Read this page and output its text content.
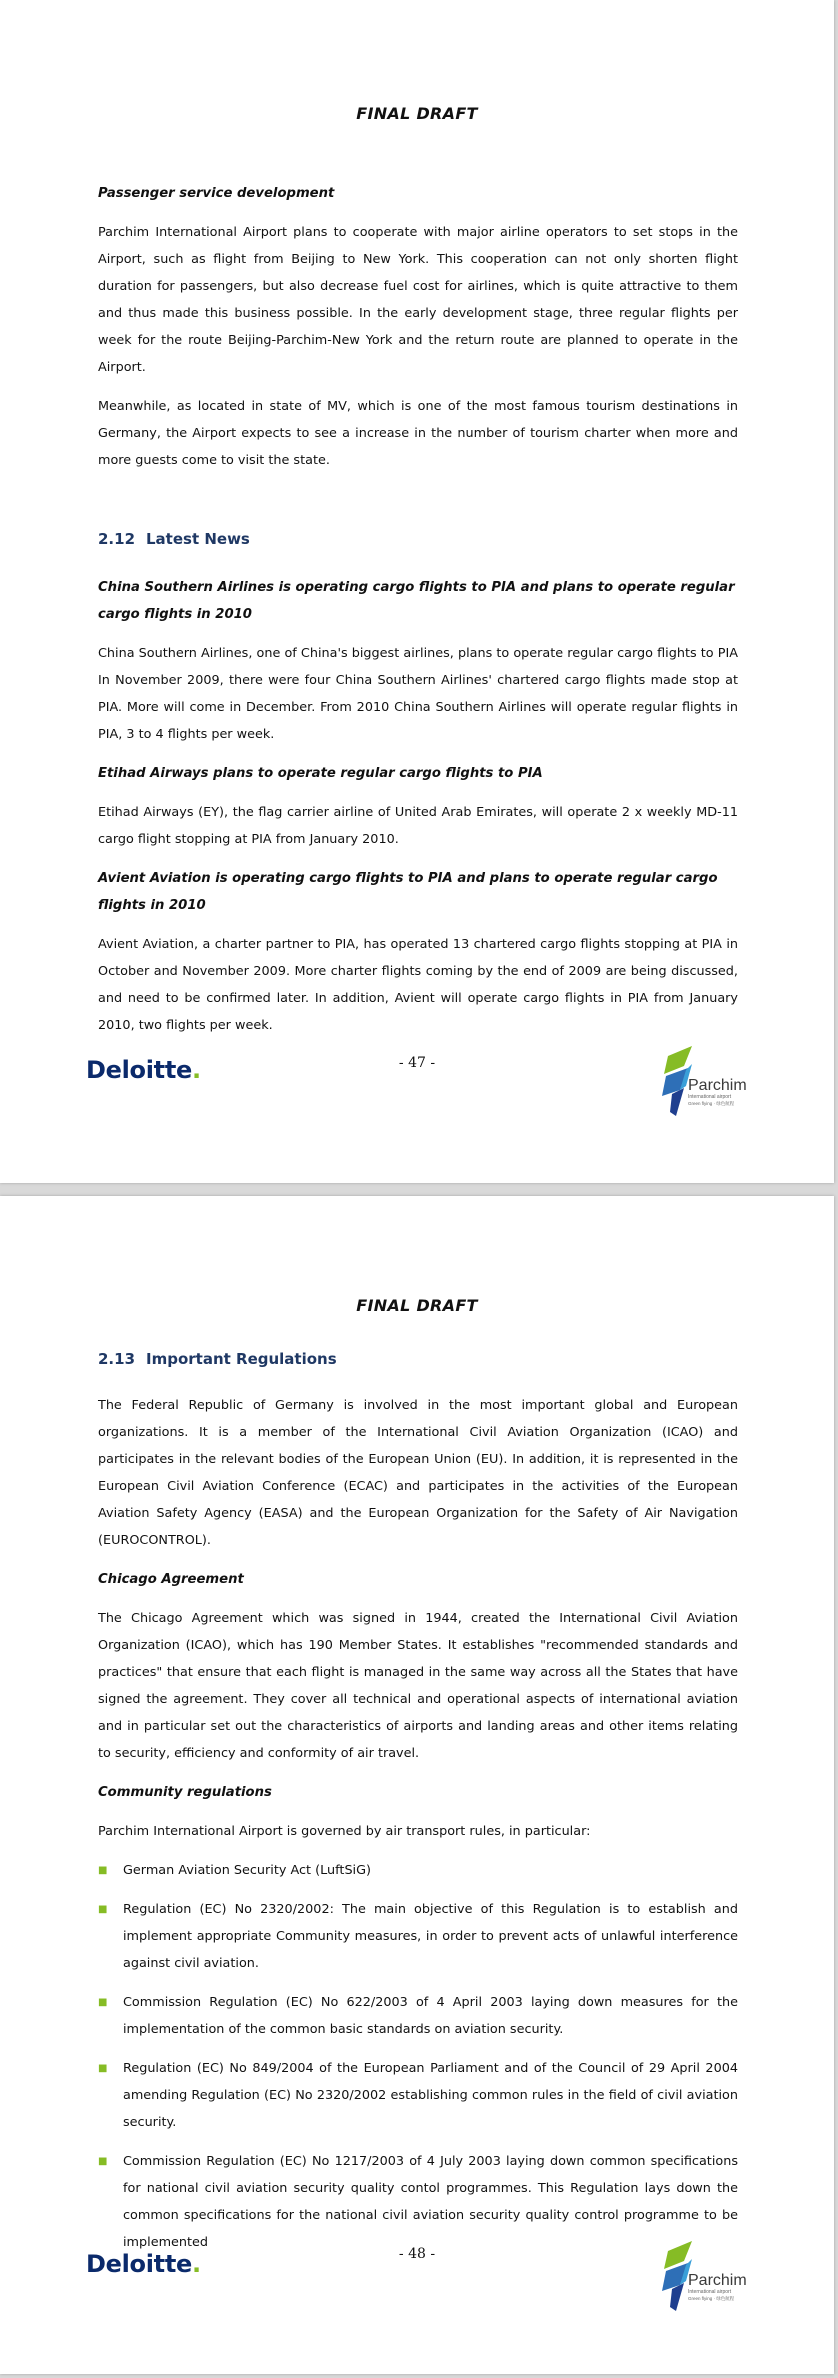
FINAL DRAFT
Passenger service development

Parchim International Airport plans to cooperate with major airline operators to set stops in the Airport, such as flight from Beijing to New York. This cooperation can not only shorten flight duration for passengers, but also decrease fuel cost for airlines, which is quite attractive to them and thus made this business possible. In the early development stage, three regular flights per week for the route Beijing-Parchim-New York and the return route are planned to operate in the Airport.

Meanwhile, as located in state of MV, which is one of the most famous tourism destinations in Germany, the Airport expects to see a increase in the number of tourism charter when more and more guests come to visit the state.

2.12 Latest News
China Southern Airlines is operating cargo flights to PIA and plans to operate regular cargo flights in 2010

China Southern Airlines, one of China's biggest airlines, plans to operate regular cargo flights to PIA In November 2009, there were four China Southern Airlines' chartered cargo flights made stop at PIA. More will come in December. From 2010 China Southern Airlines will operate regular flights in PIA, 3 to 4 flights per week.

Etihad Airways plans to operate regular cargo flights to PIA

Etihad Airways (EY), the flag carrier airline of United Arab Emirates, will operate 2 x weekly MD-11 cargo flight stopping at PIA from January 2010.

Avient Aviation is operating cargo flights to PIA and plans to operate regular cargo flights in 2010

Avient Aviation, a charter partner to PIA, has operated 13 chartered cargo flights stopping at PIA in October and November 2009. More charter flights coming by the end of 2009 are being discussed, and need to be confirmed later. In addition, Avient will operate cargo flights in PIA from January 2010, two flights per week.

- 47 -
Deloitte.
Parchim
International airport
Green flying · 绿色航程
FINAL DRAFT
2.13 Important Regulations

The Federal Republic of Germany is involved in the most important global and European organizations. It is a member of the International Civil Aviation Organization (ICAO) and participates in the relevant bodies of the European Union (EU). In addition, it is represented in the European Civil Aviation Conference (ECAC) and participates in the activities of the European Aviation Safety Agency (EASA) and the European Organization for the Safety of Air Navigation (EUROCONTROL).

Chicago Agreement

The Chicago Agreement which was signed in 1944, created the International Civil Aviation Organization (ICAO), which has 190 Member States. It establishes "recommended standards and practices" that ensure that each flight is managed in the same way across all the States that have signed the agreement. They cover all technical and operational aspects of international aviation and in particular set out the characteristics of airports and landing areas and other items relating to security, efficiency and conformity of air travel.

Community regulations

Parchim International Airport is governed by air transport rules, in particular:

■ German Aviation Security Act (LuftSiG)
■ Regulation (EC) No 2320/2002: The main objective of this Regulation is to establish and implement appropriate Community measures, in order to prevent acts of unlawful interference against civil aviation.
■ Commission Regulation (EC) No 622/2003 of 4 April 2003 laying down measures for the implementation of the common basic standards on aviation security.
■ Regulation (EC) No 849/2004 of the European Parliament and of the Council of 29 April 2004 amending Regulation (EC) No 2320/2002 establishing common rules in the field of civil aviation security.
■ Commission Regulation (EC) No 1217/2003 of 4 July 2003 laying down common specifications for national civil aviation security quality contol programmes. This Regulation lays down the common specifications for the national civil aviation security quality control programme to be implemented
- 48 -
Deloitte.
Parchim
International airport
Green flying · 绿色航程
